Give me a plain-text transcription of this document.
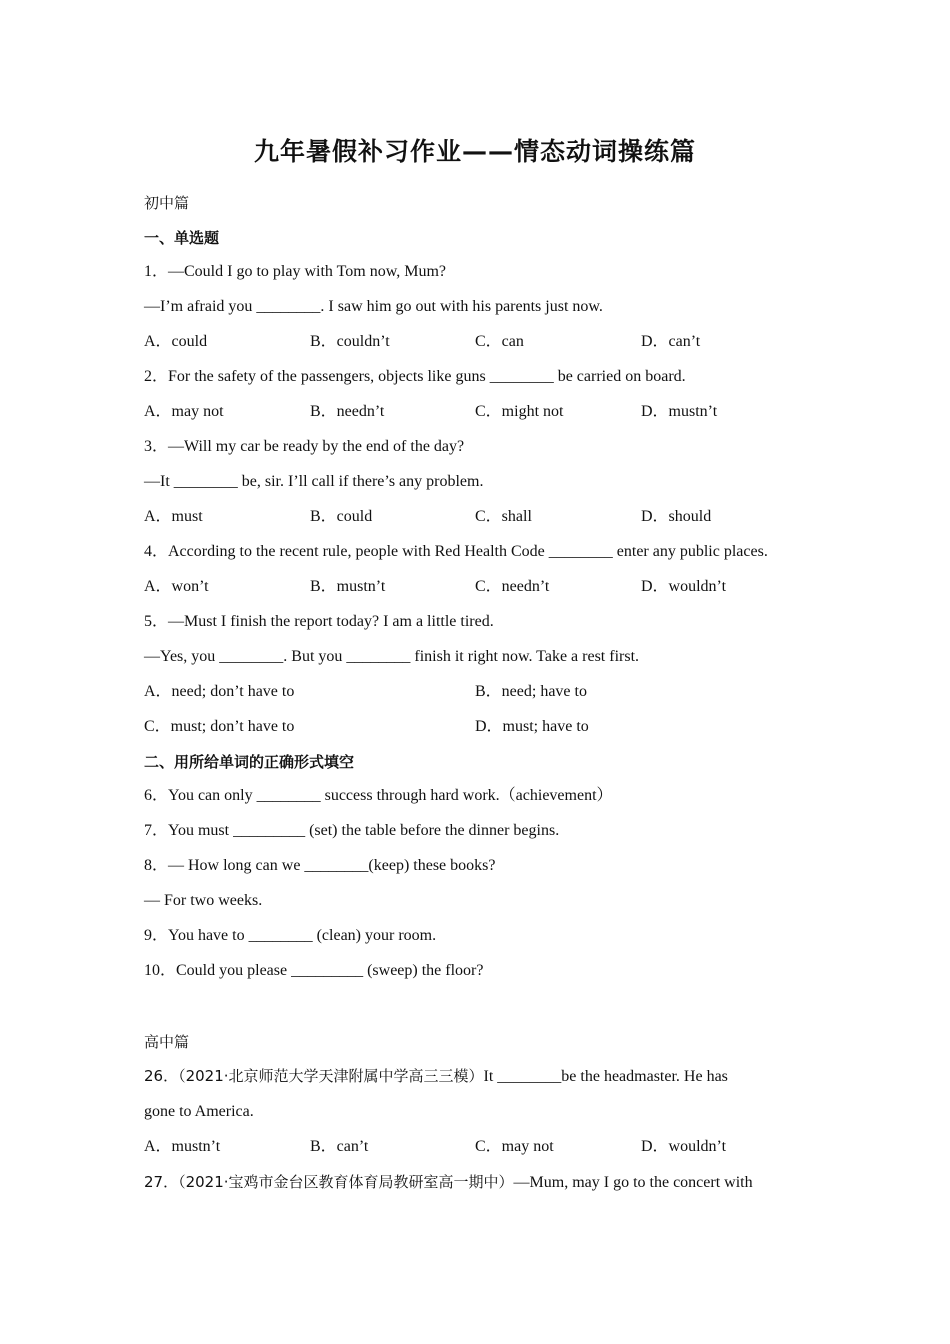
九年暑假补习作业——情态动词操练篇
初中篇
一、单选题
1．—Could I go to play with Tom now, Mum?
—I’m afraid you ________. I saw him go out with his parents just now.
A．could	B．couldn’t	C．can	D．can’t
2．For the safety of the passengers, objects like guns ________ be carried on board.
A．may not	B．needn’t	C．might not	D．mustn’t
3．—Will my car be ready by the end of the day?
—It ________ be, sir. I’ll call if there’s any problem.
A．must	B．could	C．shall	D．should
4．According to the recent rule, people with Red Health Code ________ enter any public places.
A．won’t	B．mustn’t	C．needn’t	D．wouldn’t
5．—Must I finish the report today? I am a little tired.
—Yes, you ________. But you ________ finish it right now. Take a rest first.
A．need; don’t have to	B．need; have to
C．must; don’t have to	D．must; have to
二、用所给单词的正确形式填空
6．You can only ________ success through hard work.（achievement）
7．You must _________ (set) the table before the dinner begins.
8．— How long can we ________(keep) these books?
— For two weeks.
9．You have to ________ (clean) your room.
10．Could you please _________ (sweep) the floor?
高中篇
26．（2021·北京师范大学天津附属中学高三三模）It ________be the headmaster. He has
gone to America.
A．mustn’t	B．can’t	C．may not	D．wouldn’t
27．（2021·宝鸡市金台区教育体育局教研室高一期中）—Mum, may I go to the concert with
